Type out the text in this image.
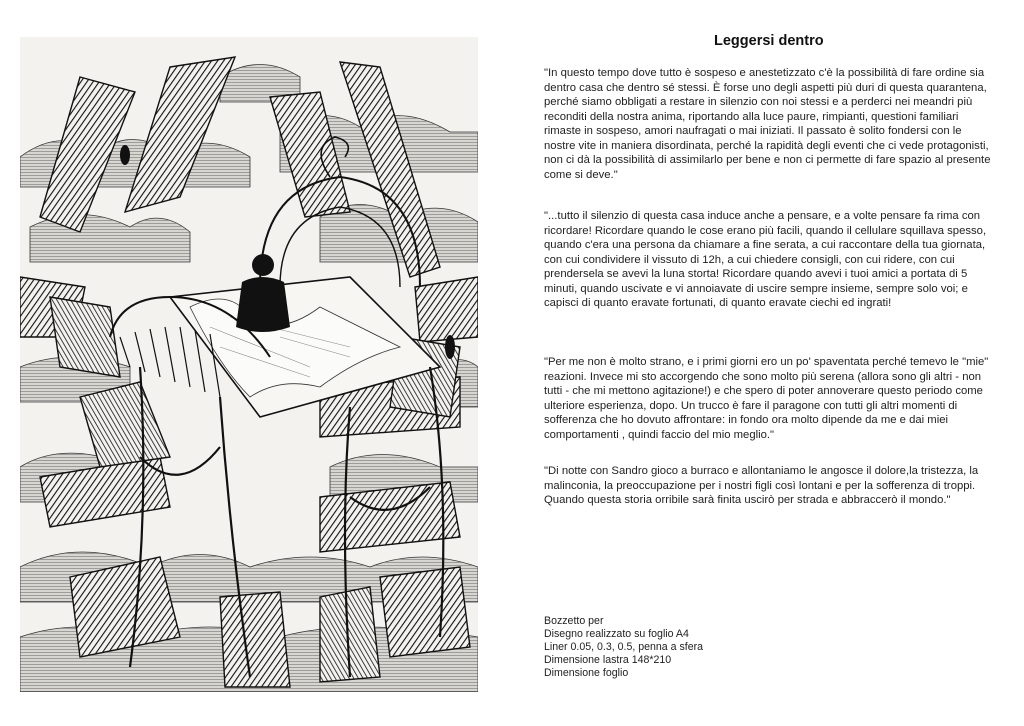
Leggersi dentro

"In questo tempo dove tutto è sospeso e anestetizzato c'è la possibilità di fare ordine sia dentro casa che dentro sé stessi. È forse uno degli aspetti più duri di questa quarantena, perché siamo obbligati a restare in silenzio con noi stessi e a perderci nei meandri più reconditi della nostra anima, riportando alla luce paure, rimpianti, questioni familiari rimaste in sospeso, amori naufragati o mai iniziati. Il passato è solito fondersi con le nostre vite in maniera disordinata, perché la rapidità degli eventi che ci vede protagonisti, non ci dà la possibilità di assimilarlo per bene e non ci permette di fare spazio al presente come si deve."

"...tutto il silenzio di questa casa induce anche a pensare, e a volte pensare fa rima con ricordare! Ricordare quando le cose erano più facili, quando il cellulare squillava spesso, quando c'era una persona da chiamare a fine serata, a cui raccontare della tua giornata, con cui condividere il vissuto di 12h, a cui chiedere consigli, con cui ridere, con cui prendersela se avevi la luna storta! Ricordare quando avevi i tuoi amici a portata di 5 minuti, quando uscivate e vi annoiavate di uscire sempre insieme, sempre solo voi; e capisci di quanto eravate fortunati, di quanto eravate ciechi ed ingrati!

"Per me non è molto strano, e i primi giorni ero un po' spaventata perché temevo le "mie" reazioni. Invece mi sto accorgendo che sono molto più serena (allora sono gli altri - non tutti - che mi mettono agitazione!) e che spero di poter annoverare questo periodo come ulteriore esperienza, dopo. Un trucco è fare il paragone con tutti gli altri momenti di sofferenza che ho dovuto affrontare: in fondo ora molto dipende da me e dai miei comportamenti , quindi faccio del mio meglio."

"Di notte con Sandro gioco a burraco e allontaniamo le angosce il dolore,la tristezza, la malinconia, la preoccupazione per i nostri figli così lontani e per la sofferenza di troppi. Quando questa storia orribile sarà finita uscirò per strada e abbraccerò il mondo."

Bozzetto per
Disegno realizzato su foglio A4
Liner 0.05, 0.3, 0.5, penna a sfera
Dimensione lastra 148*210
Dimensione foglio
